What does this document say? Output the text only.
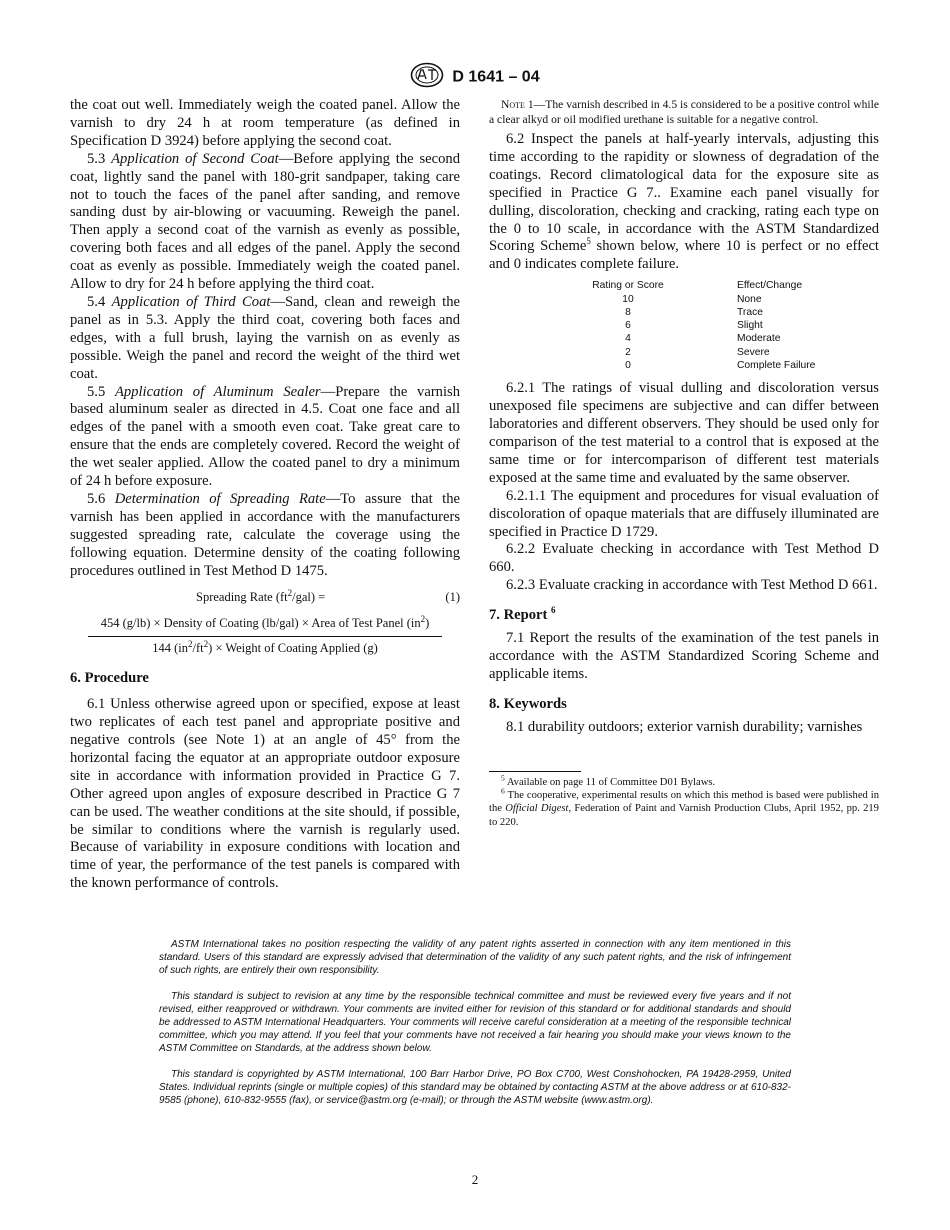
D 1641 – 04

the coat out well. Immediately weigh the coated panel. Allow the varnish to dry 24 h at room temperature (as defined in Specification D 3924) before applying the second coat.

5.3 Application of Second Coat—Before applying the second coat, lightly sand the panel with 180-grit sandpaper, taking care not to touch the faces of the panel after sanding, and remove sanding dust by air-blowing or vacuuming. Reweigh the panel. Then apply a second coat of the varnish as evenly as possible, covering both faces and all edges of the panel. Apply the second coat as evenly as possible. Immediately weigh the coated panel. Allow to dry for 24 h before applying the third coat.

5.4 Application of Third Coat—Sand, clean and reweigh the panel as in 5.3. Apply the third coat, covering both faces and edges, with a full brush, laying the varnish on as evenly as possible. Weigh the panel and record the weight of the third wet coat.

5.5 Application of Aluminum Sealer—Prepare the varnish based aluminum sealer as directed in 4.5. Coat one face and all edges of the panel with a smooth even coat. Take great care to ensure that the ends are completely covered. Record the weight of the wet sealer applied. Allow the coated panel to dry a minimum of 24 h before exposure.

5.6 Determination of Spreading Rate—To assure that the varnish has been applied in accordance with the manufacturers suggested spreading rate, calculate the coverage using the following equation. Determine density of the coating following procedures outlined in Test Method D 1475.

Spreading Rate $(ft^2/gal)$ =	(1)
454 (g/lb) × Density of Coating (lb/gal) × Area of Test Panel $(in^2)$
144 $(in^2/ft^2)$ × Weight of Coating Applied (g)

6. Procedure

6.1 Unless otherwise agreed upon or specified, expose at least two replicates of each test panel and appropriate positive and negative controls (see Note 1) at an angle of 45° from the horizontal facing the equator at an appropriate outdoor exposure site in accordance with information provided in Practice G 7. Other agreed upon angles of exposure described in Practice G 7 can be used. The weather conditions at the site should, if possible, be similar to conditions where the varnish is regularly used. Because of variability in exposure conditions with location and time of year, the performance of the test panels is compared with the known performance of controls.

Note 1—The varnish described in 4.5 is considered to be a positive control while a clear alkyd or oil modified urethane is suitable for a negative control.

6.2 Inspect the panels at half-yearly intervals, adjusting this time according to the rapidity or slowness of degradation of the coatings. Record climatological data for the exposure site as specified in Practice G 7.. Examine each panel visually for dulling, discoloration, checking and cracking, rating each type on the 0 to 10 scale, in accordance with the ASTM Standardized Scoring Scheme$^5$ shown below, where 10 is perfect or no effect and 0 indicates complete failure.

Rating or Score	Effect/Change
10	None
8	Trace
6	Slight
4	Moderate
2	Severe
0	Complete Failure

6.2.1 The ratings of visual dulling and discoloration versus unexposed file specimens are subjective and can differ between laboratories and different observers. They should be used only for comparison of the test material to a control that is exposed at the same time or for intercomparison of different test materials exposed at the same time and evaluated by the same observer.

6.2.1.1 The equipment and procedures for visual evaluation of discoloration of opaque materials that are diffusely illuminated are specified in Practice D 1729.

6.2.2 Evaluate checking in accordance with Test Method D 660.

6.2.3 Evaluate cracking in accordance with Test Method D 661.

7. Report $^6$

7.1 Report the results of the examination of the test panels in accordance with the ASTM Standardized Scoring Scheme and applicable items.

8. Keywords

8.1 durability outdoors; exterior varnish durability; varnishes

$^5$ Available on page 11 of Committee D01 Bylaws.

$^6$ The cooperative, experimental results on which this method is based were published in the Official Digest, Federation of Paint and Varnish Production Clubs, April 1952, pp. 219 to 220.

ASTM International takes no position respecting the validity of any patent rights asserted in connection with any item mentioned in this standard. Users of this standard are expressly advised that determination of the validity of any such patent rights, and the risk of infringement of such rights, are entirely their own responsibility.

This standard is subject to revision at any time by the responsible technical committee and must be reviewed every five years and if not revised, either reapproved or withdrawn. Your comments are invited either for revision of this standard or for additional standards and should be addressed to ASTM International Headquarters. Your comments will receive careful consideration at a meeting of the responsible technical committee, which you may attend. If you feel that your comments have not received a fair hearing you should make your views known to the ASTM Committee on Standards, at the address shown below.

This standard is copyrighted by ASTM International, 100 Barr Harbor Drive, PO Box C700, West Conshohocken, PA 19428-2959, United States. Individual reprints (single or multiple copies) of this standard may be obtained by contacting ASTM at the above address or at 610-832-9585 (phone), 610-832-9555 (fax), or service@astm.org (e-mail); or through the ASTM website (www.astm.org).

2
